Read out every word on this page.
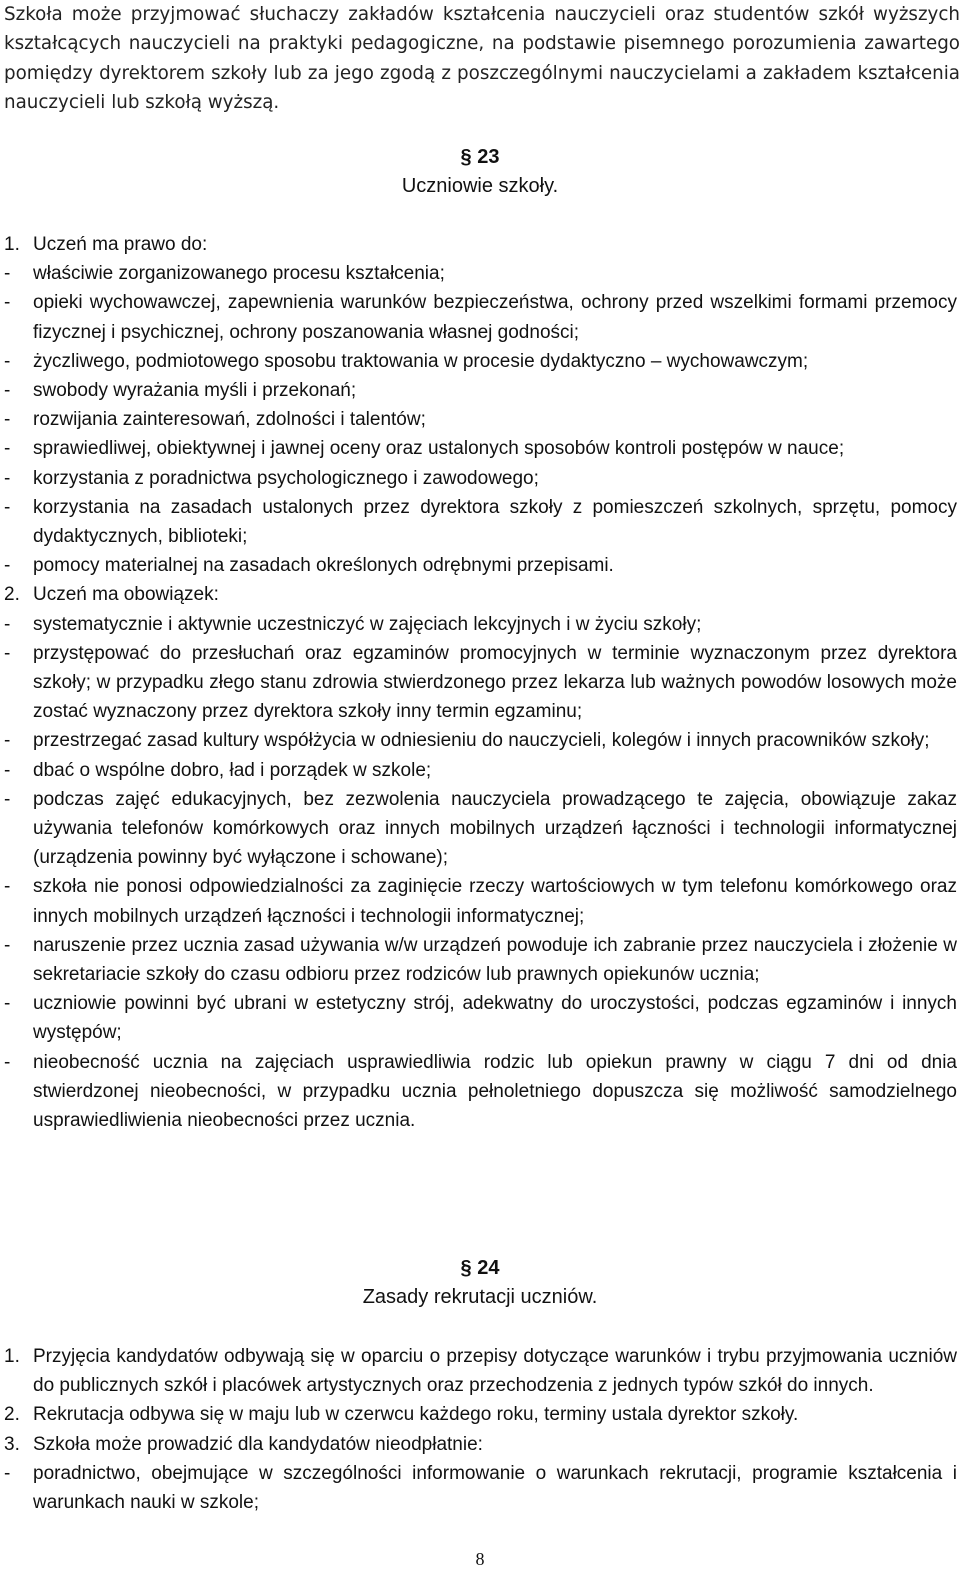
Szkoła może przyjmować słuchaczy zakładów kształcenia nauczycieli oraz studentów szkół wyższych kształcących nauczycieli na praktyki pedagogiczne, na podstawie pisemnego porozumienia zawartego pomiędzy dyrektorem szkoły lub za jego zgodą z poszczególnymi nauczycielami a zakładem kształcenia nauczycieli lub szkołą wyższą.
§ 23
Uczniowie szkoły.
1. Uczeń ma prawo do:
- właściwie zorganizowanego procesu kształcenia;
- opieki wychowawczej, zapewnienia warunków bezpieczeństwa, ochrony przed wszelkimi formami przemocy fizycznej i psychicznej, ochrony poszanowania własnej godności;
- życzliwego, podmiotowego sposobu traktowania w procesie dydaktyczno – wychowawczym;
- swobody wyrażania myśli i przekonań;
- rozwijania zainteresowań, zdolności i talentów;
- sprawiedliwej, obiektywnej i jawnej oceny oraz ustalonych sposobów kontroli postępów w nauce;
- korzystania z poradnictwa psychologicznego i zawodowego;
- korzystania na zasadach ustalonych przez dyrektora szkoły z pomieszczeń szkolnych, sprzętu, pomocy dydaktycznych, biblioteki;
- pomocy materialnej na zasadach określonych odrębnymi przepisami.
2. Uczeń ma obowiązek:
- systematycznie i aktywnie uczestniczyć w zajęciach lekcyjnych i w życiu szkoły;
- przystępować do przesłuchań oraz egzaminów promocyjnych w terminie wyznaczonym przez dyrektora szkoły; w przypadku złego stanu zdrowia stwierdzonego przez lekarza lub ważnych powodów losowych może zostać wyznaczony przez dyrektora szkoły inny termin egzaminu;
- przestrzegać zasad kultury współżycia w odniesieniu do nauczycieli, kolegów i innych pracowników szkoły;
- dbać o wspólne dobro, ład i porządek w szkole;
- podczas zajęć edukacyjnych, bez zezwolenia nauczyciela prowadzącego te zajęcia, obowiązuje zakaz używania telefonów komórkowych oraz innych mobilnych urządzeń łączności i technologii informatycznej (urządzenia powinny być wyłączone i schowane);
- szkoła nie ponosi odpowiedzialności za zaginięcie rzeczy wartościowych w tym telefonu komórkowego oraz innych mobilnych urządzeń łączności i technologii informatycznej;
- naruszenie przez ucznia zasad używania w/w urządzeń powoduje ich zabranie przez nauczyciela i złożenie w sekretariacie szkoły do czasu odbioru przez rodziców lub prawnych opiekunów ucznia;
- uczniowie powinni być ubrani w estetyczny strój, adekwatny do uroczystości, podczas egzaminów i innych występów;
- nieobecność ucznia na zajęciach usprawiedliwia rodzic lub opiekun prawny w ciągu 7 dni od dnia stwierdzonej nieobecności, w przypadku ucznia pełnoletniego dopuszcza się możliwość samodzielnego usprawiedliwienia nieobecności przez ucznia.
§ 24
Zasady rekrutacji uczniów.
1. Przyjęcia kandydatów odbywają się w oparciu o przepisy dotyczące warunków i trybu przyjmowania uczniów do publicznych szkół i placówek artystycznych oraz przechodzenia z jednych typów szkół do innych.
2. Rekrutacja odbywa się w maju lub w czerwcu każdego roku, terminy ustala dyrektor szkoły.
3. Szkoła może prowadzić dla kandydatów nieodpłatnie:
- poradnictwo, obejmujące w szczególności informowanie o warunkach rekrutacji, programie kształcenia i warunkach nauki w szkole;
8
